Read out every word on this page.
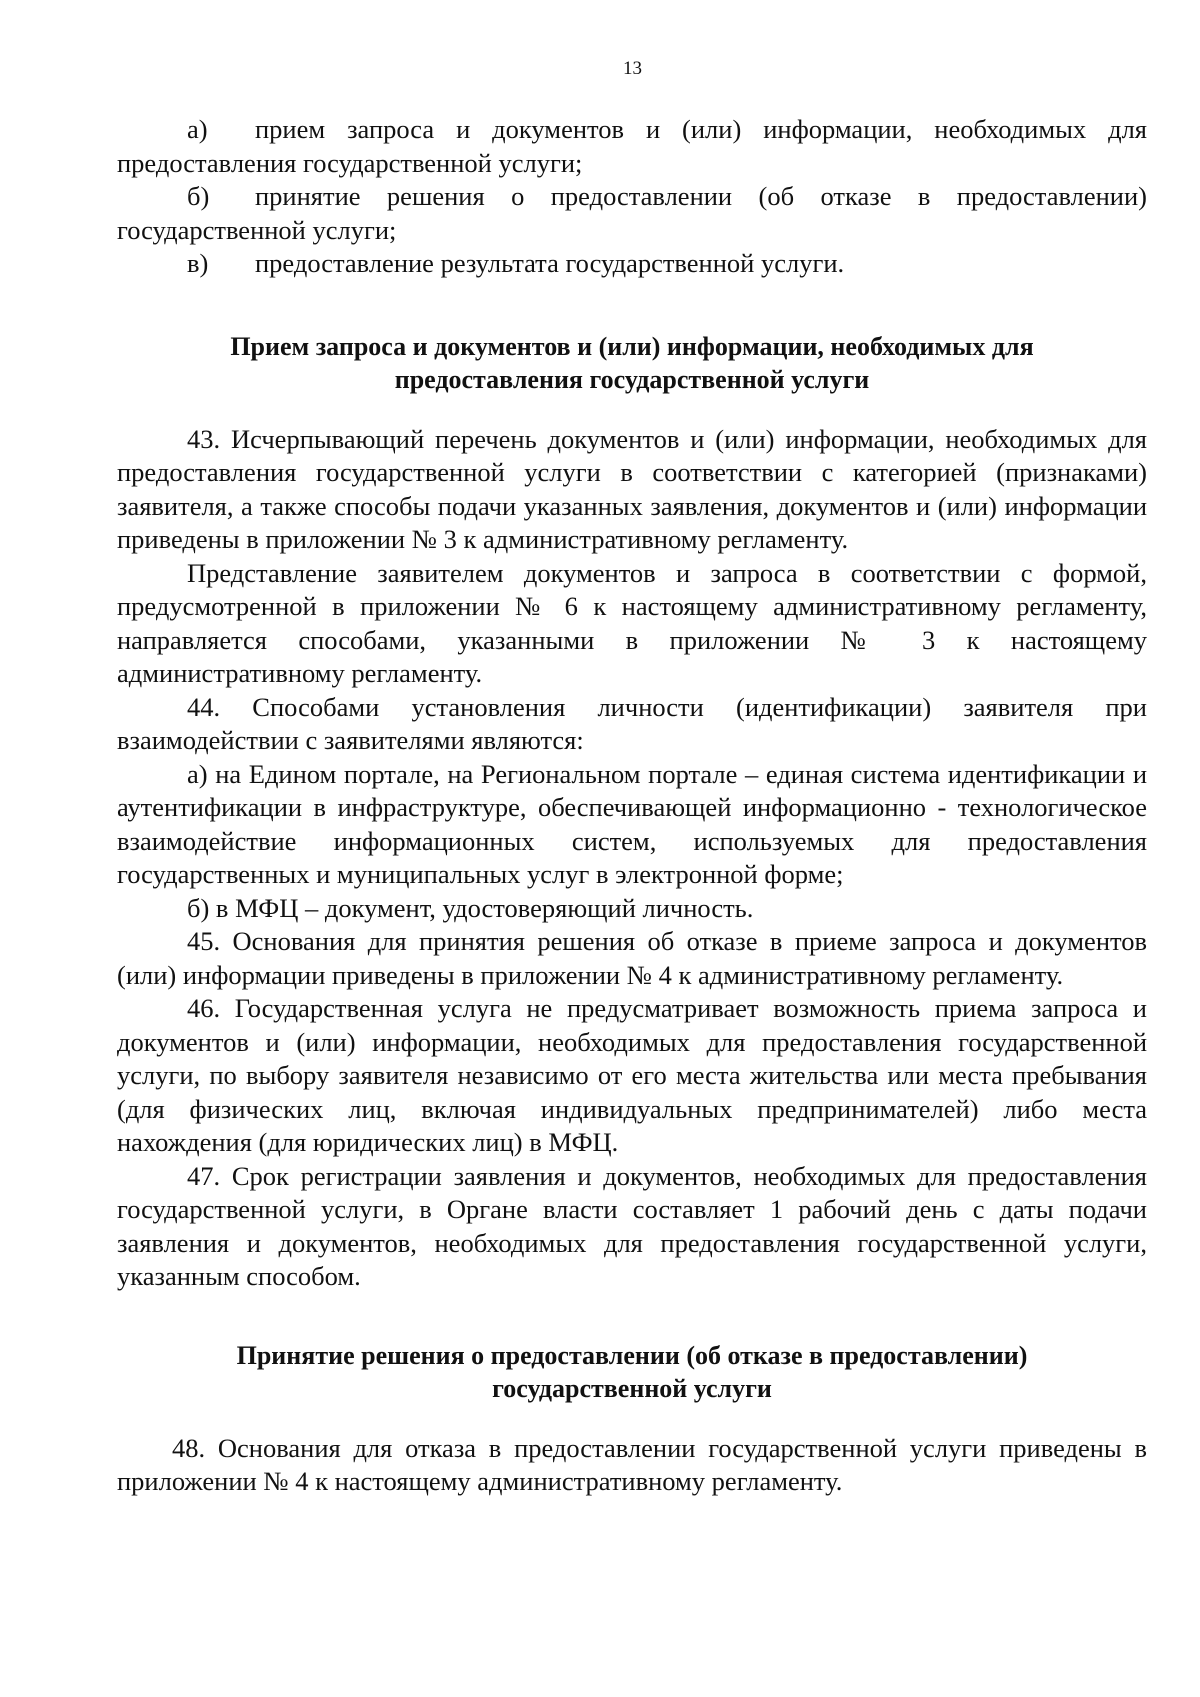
13

а) прием запроса и документов и (или) информации, необходимых для предоставления государственной услуги;

б) принятие решения о предоставлении (об отказе в предоставлении) государственной услуги;

в) предоставление результата государственной услуги.

Прием запроса и документов и (или) информации, необходимых для
предоставления государственной услуги

43. Исчерпывающий перечень документов и (или) информации, необходимых для предоставления государственной услуги в соответствии с категорией (признаками) заявителя, а также способы подачи указанных заявления, документов и (или) информации приведены в приложении № 3 к административному регламенту.

Представление заявителем документов и запроса в соответствии с формой, предусмотренной в приложении № 6 к настоящему административному регламенту, направляется способами, указанными в приложении № 3 к настоящему административному регламенту.

44. Способами установления личности (идентификации) заявителя при взаимодействии с заявителями являются:

а) на Едином портале, на Региональном портале – единая система идентификации и аутентификации в инфраструктуре, обеспечивающей информационно - технологическое взаимодействие информационных систем, используемых для предоставления государственных и муниципальных услуг в электронной форме;

б) в МФЦ – документ, удостоверяющий личность.

45. Основания для принятия решения об отказе в приеме запроса и документов (или) информации приведены в приложении № 4 к административному регламенту.

46. Государственная услуга не предусматривает возможность приема запроса и документов и (или) информации, необходимых для предоставления государственной услуги, по выбору заявителя независимо от его места жительства или места пребывания (для физических лиц, включая индивидуальных предпринимателей) либо места нахождения (для юридических лиц) в МФЦ.

47. Срок регистрации заявления и документов, необходимых для предоставления государственной услуги, в Органе власти составляет 1 рабочий день с даты подачи заявления и документов, необходимых для предоставления государственной услуги, указанным способом.

Принятие решения о предоставлении (об отказе в предоставлении)
государственной услуги

48. Основания для отказа в предоставлении государственной услуги приведены в приложении № 4 к настоящему административному регламенту.
